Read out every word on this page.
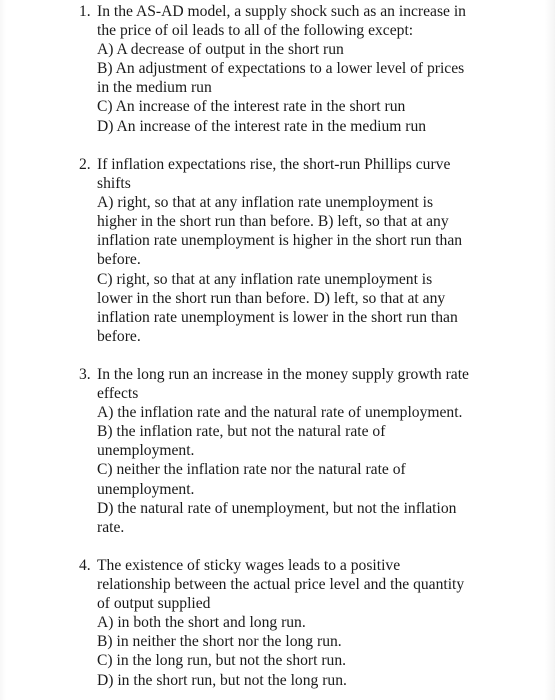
1. In the AS-AD model, a supply shock such as an increase in
the price of oil leads to all of the following except:
A) A decrease of output in the short run
B) An adjustment of expectations to a lower level of prices
in the medium run
C) An increase of the interest rate in the short run
D) An increase of the interest rate in the medium run
2. If inflation expectations rise, the short-run Phillips curve
shifts
A) right, so that at any inflation rate unemployment is
higher in the short run than before. B) left, so that at any
inflation rate unemployment is higher in the short run than
before.
C) right, so that at any inflation rate unemployment is
lower in the short run than before. D) left, so that at any
inflation rate unemployment is lower in the short run than
before.
3. In the long run an increase in the money supply growth rate
effects
A) the inflation rate and the natural rate of unemployment.
B) the inflation rate, but not the natural rate of
unemployment.
C) neither the inflation rate nor the natural rate of
unemployment.
D) the natural rate of unemployment, but not the inflation
rate.
4. The existence of sticky wages leads to a positive
relationship between the actual price level and the quantity
of output supplied
A) in both the short and long run.
B) in neither the short nor the long run.
C) in the long run, but not the short run.
D) in the short run, but not the long run.
